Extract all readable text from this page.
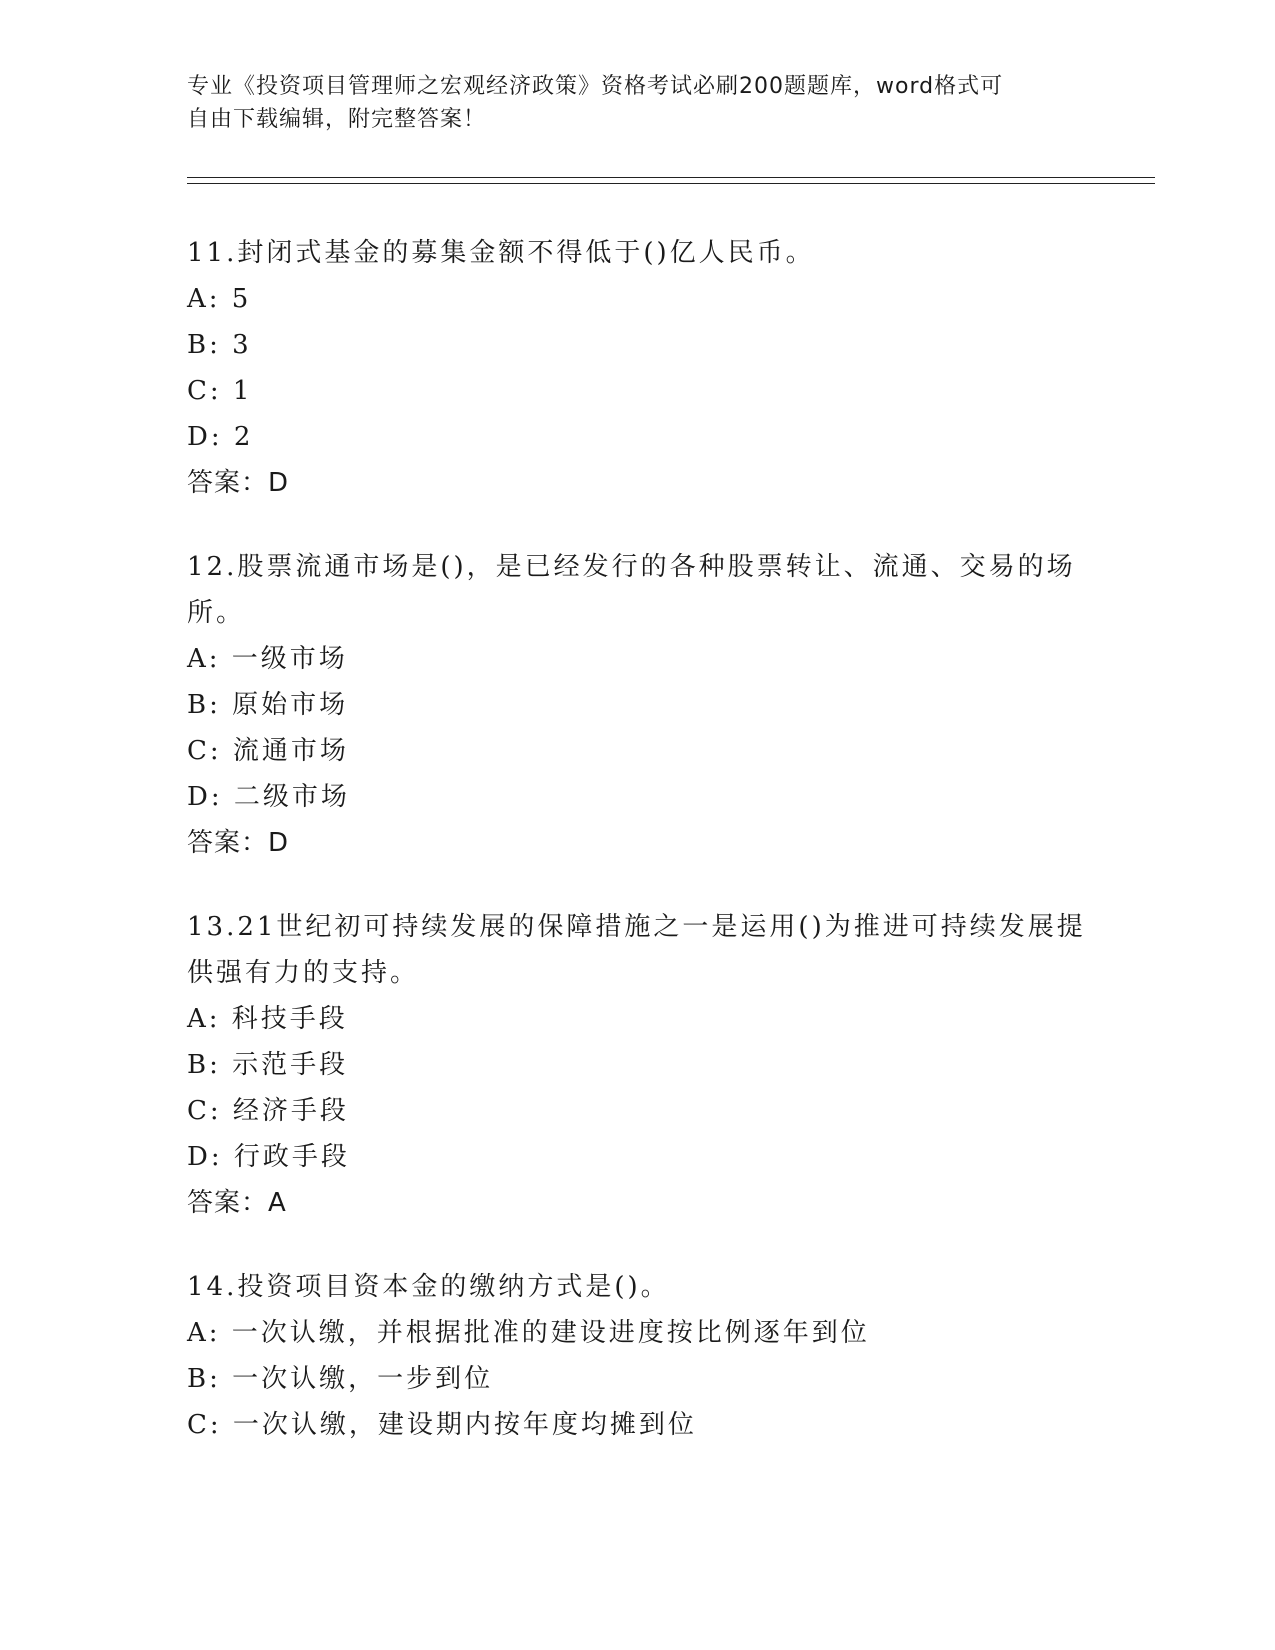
专业《投资项目管理师之宏观经济政策》资格考试必刷200题题库，word格式可
自由下载编辑，附完整答案！

11.封闭式基金的募集金额不得低于()亿人民币。

A: 5

B: 3

C: 1

D: 2

答案：D

12.股票流通市场是()，是已经发行的各种股票转让、流通、交易的场所。

A: 一级市场

B: 原始市场

C: 流通市场

D: 二级市场

答案：D

13.21世纪初可持续发展的保障措施之一是运用()为推进可持续发展提供强有力的支持。

A: 科技手段

B: 示范手段

C: 经济手段

D: 行政手段

答案：A

14.投资项目资本金的缴纳方式是()。

A: 一次认缴，并根据批准的建设进度按比例逐年到位

B: 一次认缴，一步到位

C: 一次认缴，建设期内按年度均摊到位
